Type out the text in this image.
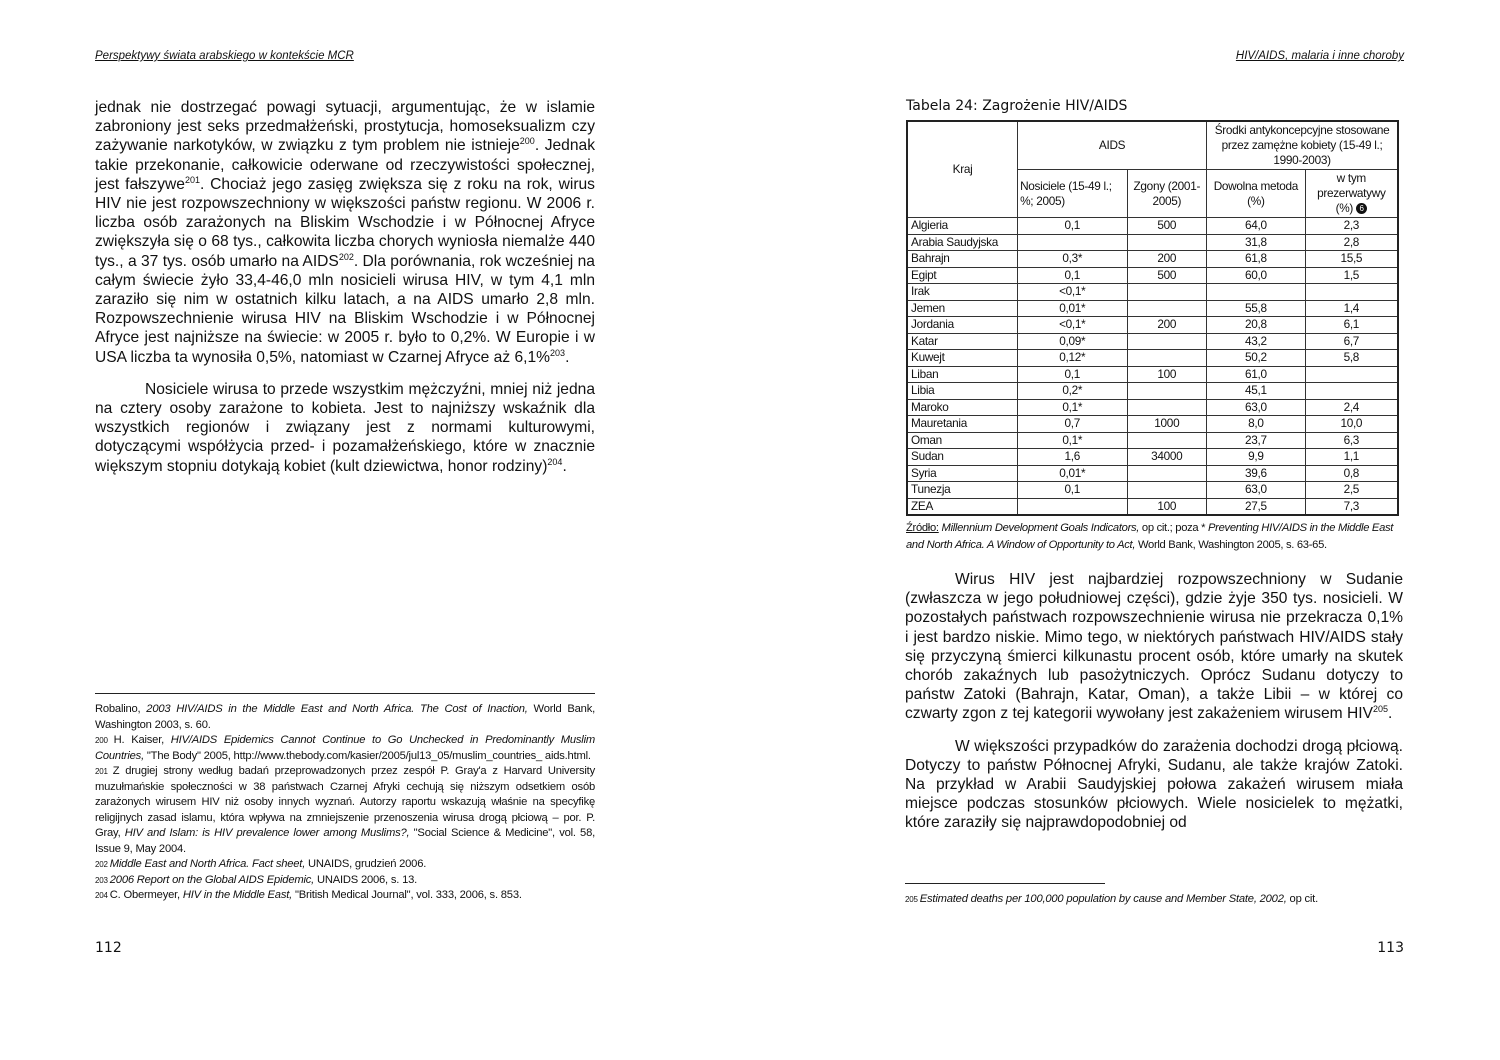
Perspektywy świata arabskiego w kontekście MCR

jednak nie dostrzegać powagi sytuacji, argumentując, że w islamie zabroniony jest seks przedmałżeński, prostytucja, homoseksualizm czy zażywanie narkotyków, w związku z tym problem nie istnieje$^{200}$. Jednak takie przekonanie, całkowicie oderwane od rzeczywistości społecznej, jest fałszywe$^{201}$. Chociaż jego zasięg zwiększa się z roku na rok, wirus HIV nie jest rozpowszechniony w większości państw regionu. W 2006 r. liczba osób zarażonych na Bliskim Wschodzie i w Północnej Afryce zwiększyła się o 68 tys., całkowita liczba chorych wyniosła niemalże 440 tys., a 37 tys. osób umarło na AIDS$^{202}$. Dla porównania, rok wcześniej na całym świecie żyło 33,4-46,0 mln nosicieli wirusa HIV, w tym 4,1 mln zaraziło się nim w ostatnich kilku latach, a na AIDS umarło 2,8 mln. Rozpowszechnienie wirusa HIV na Bliskim Wschodzie i w Północnej Afryce jest najniższe na świecie: w 2005 r. było to 0,2%. W Europie i w USA liczba ta wynosiła 0,5%, natomiast w Czarnej Afryce aż 6,1%$^{203}$.

Nosiciele wirusa to przede wszystkim mężczyźni, mniej niż jedna na cztery osoby zarażone to kobieta. Jest to najniższy wskaźnik dla wszystkich regionów i związany jest z normami kulturowymi, dotyczącymi współżycia przed- i pozamałżeńskiego, które w znacznie większym stopniu dotykają kobiet (kult dziewictwa, honor rodziny)$^{204}$.

Robalino, 2003 HIV/AIDS in the Middle East and North Africa. The Cost of Inaction, World Bank, Washington 2003, s. 60.

$^{200}$ H. Kaiser, HIV/AIDS Epidemics Cannot Continue to Go Unchecked in Predominantly Muslim Countries, "The Body" 2005, http://www.thebody.com/kasier/2005/jul13_05/muslim_countries_ aids.html.

$^{201}$ Z drugiej strony według badań przeprowadzonych przez zespół P. Gray'a z Harvard University muzułmańskie społeczności w 38 państwach Czarnej Afryki cechują się niższym odsetkiem osób zarażonych wirusem HIV niż osoby innych wyznań. Autorzy raportu wskazują właśnie na specyfikę religijnych zasad islamu, która wpływa na zmniejszenie przenoszenia wirusa drogą płciową – por. P. Gray, HIV and Islam: is HIV prevalence lower among Muslims?, "Social Science & Medicine", vol. 58, Issue 9, May 2004.

$^{202}$ Middle East and North Africa. Fact sheet, UNAIDS, grudzień 2006.

$^{203}$ 2006 Report on the Global AIDS Epidemic, UNAIDS 2006, s. 13.

$^{204}$ C. Obermeyer, HIV in the Middle East, "British Medical Journal", vol. 333, 2006, s. 853.

112
HIV/AIDS, malaria i inne choroby
113
Tabela 24: Zagrożenie HIV/AIDS
Kraj	AIDS		Środki antykoncepcyjne stosowane przez zamężne kobiety (15-49 l.; 1990-2003)	
	Nosiciele (15-49 l.; %; 2005)	Zgony (2001-2005)	Dowolna metoda (%)	w tym
prezerwatywy (%) 6
Algieria	0,1	500	64,0	2,3
Arabia Saudyjska			31,8	2,8
Bahrajn	0,3*	200	61,8	15,5
Egipt	0,1	500	60,0	1,5
Irak	<0,1*			
Jemen	0,01*		55,8	1,4
Jordania	<0,1*	200	20,8	6,1
Katar	0,09*		43,2	6,7
Kuwejt	0,12*		50,2	5,8
Liban	0,1	100	61,0	
Libia	0,2*		45,1	
Maroko	0,1*		63,0	2,4
Mauretania	0,7	1000	8,0	10,0
Oman	0,1*		23,7	6,3
Sudan	1,6	34000	9,9	1,1
Syria	0,01*		39,6	0,8
Tunezja	0,1		63,0	2,5
ZEA		100	27,5	7,3
Źródło: Millennium Development Goals Indicators, op cit.; poza * Preventing HIV/AIDS in the Middle East and North Africa. A Window of Opportunity to Act, World Bank, Washington 2005, s. 63-65.

Wirus HIV jest najbardziej rozpowszechniony w Sudanie (zwłaszcza w jego południowej części), gdzie żyje 350 tys. nosicieli. W pozostałych państwach rozpowszechnienie wirusa nie przekracza 0,1% i jest bardzo niskie. Mimo tego, w niektórych państwach HIV/AIDS stały się przyczyną śmierci kilkunastu procent osób, które umarły na skutek chorób zakaźnych lub pasożytniczych. Oprócz Sudanu dotyczy to państw Zatoki (Bahrajn, Katar, Oman), a także Libii – w której co czwarty zgon z tej kategorii wywołany jest zakażeniem wirusem HIV$^{205}$.

W większości przypadków do zarażenia dochodzi drogą płciową. Dotyczy to państw Północnej Afryki, Sudanu, ale także krajów Zatoki. Na przykład w Arabii Saudyjskiej połowa zakażeń wirusem miała miejsce podczas stosunków płciowych. Wiele nosicielek to mężatki, które zaraziły się najprawdopodobniej od

$^{205}$ Estimated deaths per 100,000 population by cause and Member State, 2002, op cit.
